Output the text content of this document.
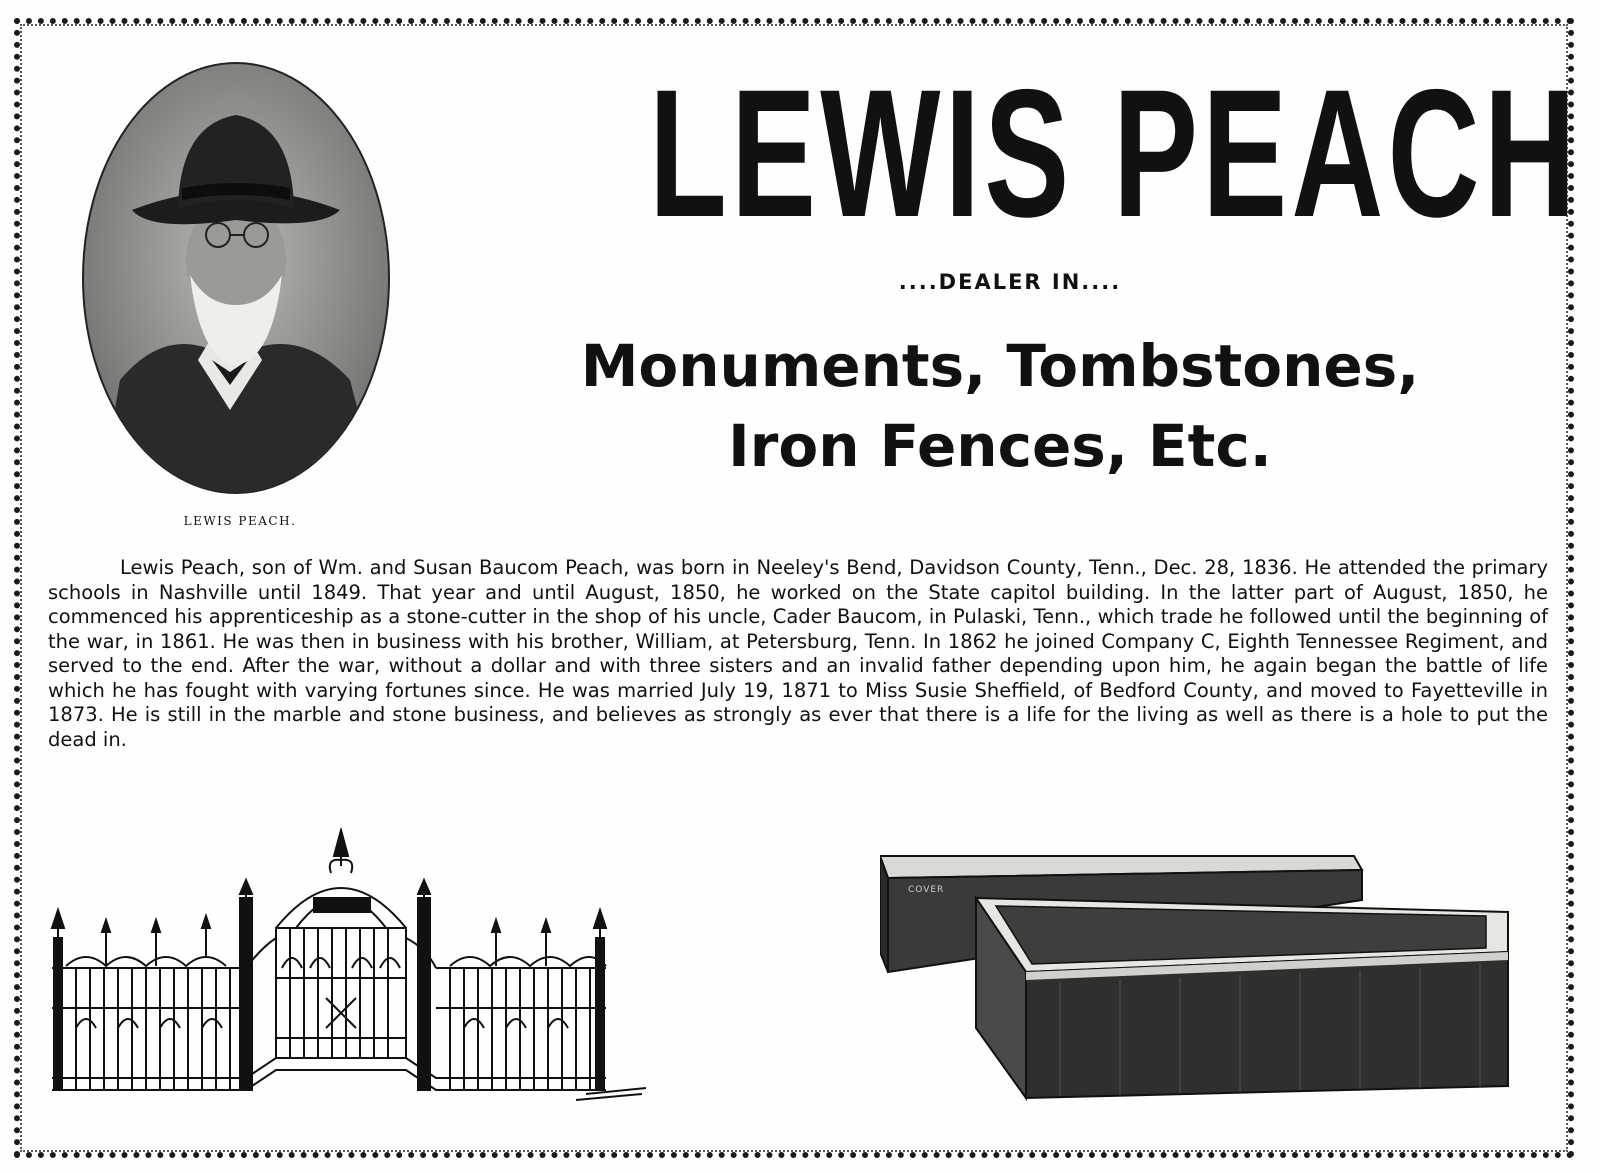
LEWIS PEACH.
LEWIS PEACH
....DEALER IN....
Monuments, Tombstones,
Iron Fences, Etc.
Lewis Peach, son of Wm. and Susan Baucom Peach, was born in Neeley's Bend, Davidson County, Tenn., Dec. 28, 1836. He attended the primary schools in Nashville until 1849. That year and until August, 1850, he worked on the State capitol building. In the latter part of August, 1850, he commenced his apprenticeship as a stone-cutter in the shop of his uncle, Cader Baucom, in Pulaski, Tenn., which trade he followed until the beginning of the war, in 1861. He was then in business with his brother, William, at Petersburg, Tenn. In 1862 he joined Company C, Eighth Tennessee Regiment, and served to the end. After the war, without a dollar and with three sisters and an invalid father depending upon him, he again began the battle of life which he has fought with varying fortunes since. He was married July 19, 1871 to Miss Susie Sheffield, of Bedford County, and moved to Fayetteville in 1873. He is still in the marble and stone business, and believes as strongly as ever that there is a life for the living as well as there is a hole to put the dead in.
COVER
